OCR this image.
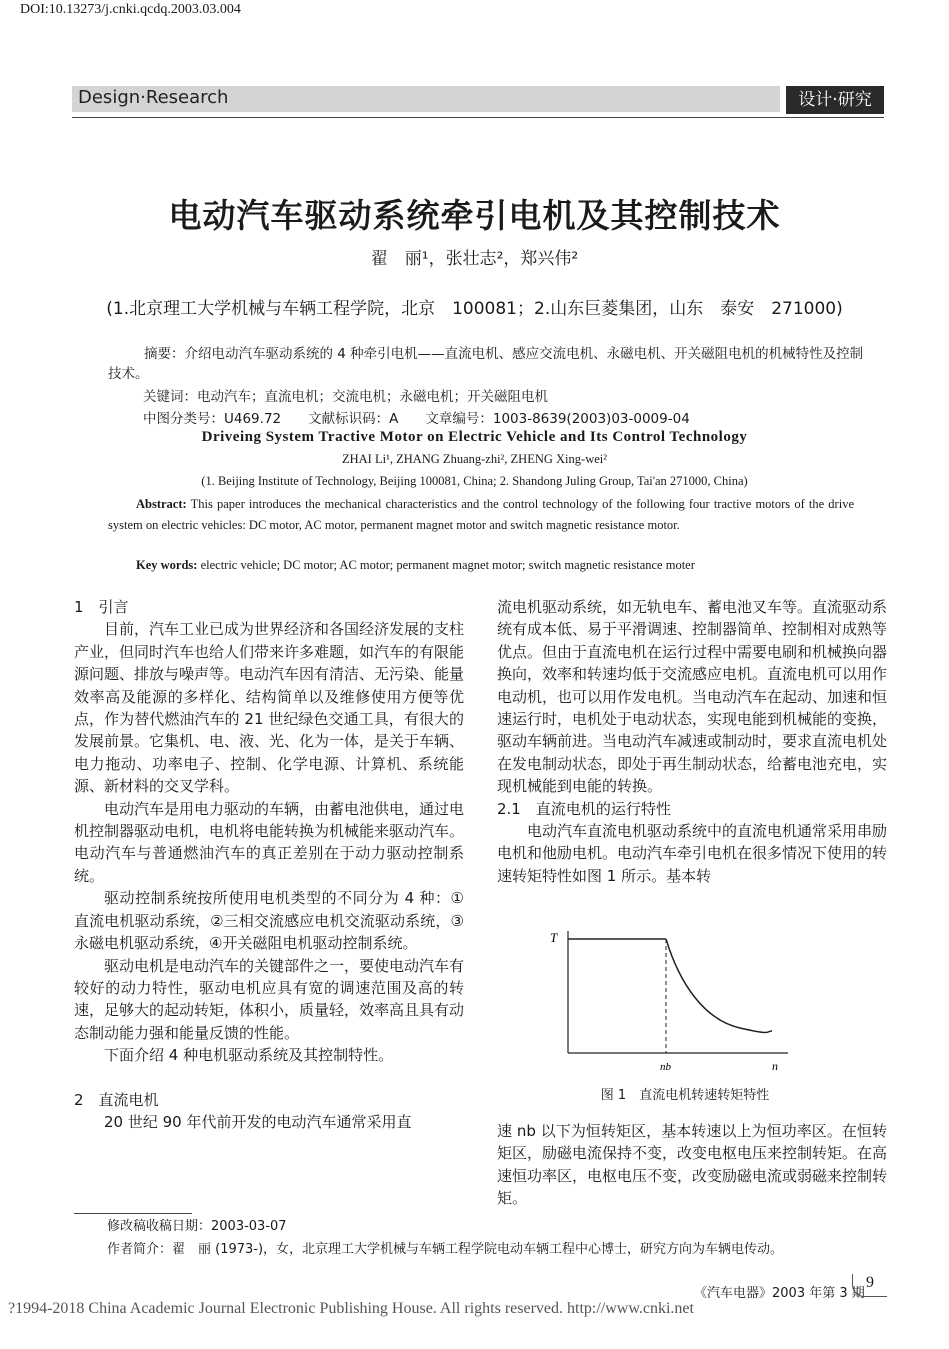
DOI:10.13273/j.cnki.qcdq.2003.03.004
Design·Research	设计·研究
电动汽车驱动系统牵引电机及其控制技术
翟　丽¹，张壮志²，郑兴伟²
(1.北京理工大学机械与车辆工程学院，北京　100081；2.山东巨菱集团，山东　泰安　271000)
摘要：介绍电动汽车驱动系统的 4 种牵引电机——直流电机、感应交流电机、永磁电机、开关磁阻电机的机械特性及控制技术。
关键词：电动汽车；直流电机；交流电机；永磁电机；开关磁阻电机
中图分类号：U469.72　　文献标识码：A　　文章编号：1003-8639(2003)03-0009-04
Driveing System Tractive Motor on Electric Vehicle and Its Control Technology
ZHAI Li¹, ZHANG Zhuang-zhi², ZHENG Xing-wei²
(1. Beijing Institute of Technology, Beijing 100081, China; 2. Shandong Juling Group, Tai'an 271000, China)
Abstract: This paper introduces the mechanical characteristics and the control technology of the following four tractive motors of the drive system on electric vehicles: DC motor, AC motor, permanent magnet motor and switch magnetic resistance motor.
Key words: electric vehicle; DC motor; AC motor; permanent magnet motor; switch magnetic resistance moter

1　引言

目前，汽车工业已成为世界经济和各国经济发展的支柱产业，但同时汽车也给人们带来许多难题，如汽车的有限能源问题、排放与噪声等。电动汽车因有清洁、无污染、能量效率高及能源的多样化、结构简单以及维修使用方便等优点，作为替代燃油汽车的 21 世纪绿色交通工具，有很大的发展前景。它集机、电、液、光、化为一体，是关于车辆、电力拖动、功率电子、控制、化学电源、计算机、系统能源、新材料的交叉学科。

电动汽车是用电力驱动的车辆，由蓄电池供电，通过电机控制器驱动电机，电机将电能转换为机械能来驱动汽车。电动汽车与普通燃油汽车的真正差别在于动力驱动控制系统。

驱动控制系统按所使用电机类型的不同分为 4 种：①直流电机驱动系统，②三相交流感应电机交流驱动系统，③永磁电机驱动系统，④开关磁阻电机驱动控制系统。

驱动电机是电动汽车的关键部件之一，要使电动汽车有较好的动力特性，驱动电机应具有宽的调速范围及高的转速，足够大的起动转矩，体积小，质量轻，效率高且具有动态制动能力强和能量反馈的性能。

下面介绍 4 种电机驱动系统及其控制特性。

2　直流电机

20 世纪 90 年代前开发的电动汽车通常采用直

流电机驱动系统，如无轨电车、蓄电池叉车等。直流驱动系统有成本低、易于平滑调速、控制器简单、控制相对成熟等优点。但由于直流电机在运行过程中需要电刷和机械换向器换向，效率和转速均低于交流感应电机。直流电机可以用作电动机，也可以用作发电机。当电动汽车在起动、加速和恒速运行时，电机处于电动状态，实现电能到机械能的变换，驱动车辆前进。当电动汽车减速或制动时，要求直流电机处在发电制动状态，即处于再生制动状态，给蓄电池充电，实现机械能到电能的转换。

2.1　直流电机的运行特性

电动汽车直流电机驱动系统中的直流电机通常采用串励电机和他励电机。电动汽车牵引电机在很多情况下使用的转速转矩特性如图 1 所示。基本转

T
n
nb
图 1　直流电机转速转矩特性

速 nb 以下为恒转矩区，基本转速以上为恒功率区。在恒转矩区，励磁电流保持不变，改变电枢电压来控制转矩。在高速恒功率区，电枢电压不变，改变励磁电流或弱磁来控制转矩。

修改稿收稿日期：2003-03-07
作者简介：翟　丽 (1973-)，女，北京理工大学机械与车辆工程学院电动车辆工程中心博士，研究方向为车辆电传动。
《汽车电器》2003 年第 3 期
9
?1994-2018 China Academic Journal Electronic Publishing House. All rights reserved. http://www.cnki.net
